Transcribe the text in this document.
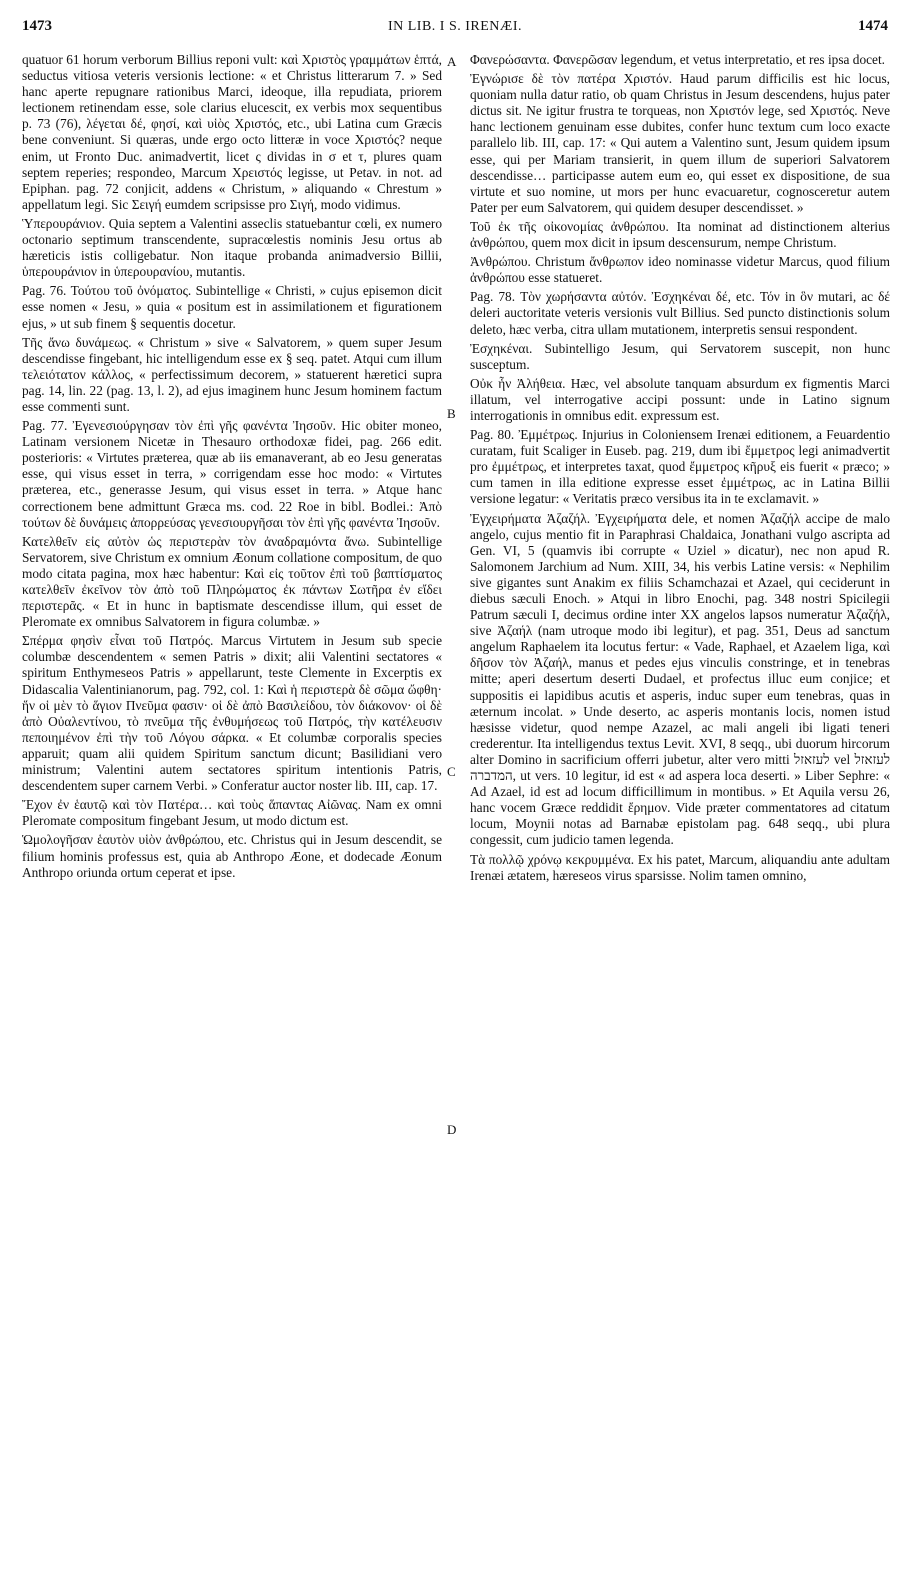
1473	IN LIB. I S. IRENÆI.	1474
A
B
C
D

quatuor 61 horum verborum Billius reponi vult: καὶ Χριστὸς γραμμάτων ἑπτά, seductus vitiosa veteris versionis lectione: « et Christus litterarum 7. » Sed hanc aperte repugnare rationibus Marci, ideoque, illa repudiata, priorem lectionem retinendam esse, sole clarius elucescit, ex verbis mox sequentibus p. 73 (76), λέγεται δέ, φησί, καὶ υἱὸς Χριστός, etc., ubi Latina cum Græcis bene conveniunt. Si quæras, unde ergo octo litteræ in voce Χριστός? neque enim, ut Fronto Duc. animadvertit, licet ς dividas in σ et τ, plures quam septem reperies; respondeo, Marcum Χρειστός legisse, ut Petav. in not. ad Epiphan. pag. 72 conjicit, addens « Christum, » aliquando « Chrestum » appellatum legi. Sic Σειγή eumdem scripsisse pro Σιγή, modo vidimus.

Ὑπερουράνιον. Quia septem a Valentini asseclis statuebantur cœli, ex numero octonario septimum transcendente, supracœlestis nominis Jesu ortus ab hæreticis istis colligebatur. Non itaque probanda animadversio Billii, ὑπερουράνιον in ὑπερουρανίου, mutantis.

Pag. 76. Τούτου τοῦ ὀνόματος. Subintellige « Christi, » cujus episemon dicit esse nomen « Jesu, » quia « positum est in assimilationem et figurationem ejus, » ut sub finem § sequentis docetur.

Τῆς ἄνω δυνάμεως. « Christum » sive « Salvatorem, » quem super Jesum descendisse fingebant, hic intelligendum esse ex § seq. patet. Atqui cum illum τελειότατον κάλλος, « perfectissimum decorem, » statuerent hæretici supra pag. 14, lin. 22 (pag. 13, l. 2), ad ejus imaginem hunc Jesum hominem factum esse commenti sunt.

Pag. 77. Ἐγενεσιούργησαν τὸν ἐπὶ γῆς φανέντα Ἰησοῦν. Hic obiter moneo, Latinam versionem Nicetæ in Thesauro orthodoxæ fidei, pag. 266 edit. posterioris: « Virtutes præterea, quæ ab iis emanaverant, ab eo Jesu generatas esse, qui visus esset in terra, » corrigendam esse hoc modo: « Virtutes præterea, etc., generasse Jesum, qui visus esset in terra. » Atque hanc correctionem bene admittunt Græca ms. cod. 22 Roe in bibl. Bodlei.: Ἀπὸ τούτων δὲ δυνάμεις ἀπορρεύσας γενεσιουργῆσαι τὸν ἐπὶ γῆς φανέντα Ἰησοῦν.

Κατελθεῖν εἰς αὐτὸν ὡς περιστερὰν τὸν ἀναδραμόντα ἄνω. Subintellige Servatorem, sive Christum ex omnium Æonum collatione compositum, de quo modo citata pagina, mox hæc habentur: Καὶ εἰς τοῦτον ἐπὶ τοῦ βαπτίσματος κατελθεῖν ἐκεῖνον τὸν ἀπὸ τοῦ Πληρώματος ἐκ πάντων Σωτῆρα ἐν εἴδει περιστερᾶς. « Et in hunc in baptismate descendisse illum, qui esset de Pleromate ex omnibus Salvatorem in figura columbæ. »

Σπέρμα φησὶν εἶναι τοῦ Πατρός. Marcus Virtutem in Jesum sub specie columbæ descendentem « semen Patris » dixit; alii Valentini sectatores « spiritum Enthymeseos Patris » appellarunt, teste Clemente in Excerptis ex Didascalia Valentinianorum, pag. 792, col. 1: Καὶ ἡ περιστερὰ δὲ σῶμα ὤφθη· ἥν οἱ μὲν τὸ ἅγιον Πνεῦμα φασιν· οἱ δὲ ἀπὸ Βασιλείδου, τὸν διάκονον· οἱ δὲ ἀπὸ Οὐαλεντίνου, τὸ πνεῦμα τῆς ἐνθυμήσεως τοῦ Πατρός, τὴν κατέλευσιν πεποιημένον ἐπὶ τὴν τοῦ Λόγου σάρκα. « Et columbæ corporalis species apparuit; quam alii quidem Spiritum sanctum dicunt; Basilidiani vero ministrum; Valentini autem sectatores spiritum intentionis Patris, descendentem super carnem Verbi. » Conferatur auctor noster lib. III, cap. 17.

Ἔχον ἐν ἑαυτῷ καὶ τὸν Πατέρα… καὶ τοὺς ἅπαντας Αἰῶνας. Nam ex omni Pleromate compositum fingebant Jesum, ut modo dictum est.

Ὡμολογῆσαν ἑαυτὸν υἱὸν ἀνθρώπου, etc. Christus qui in Jesum descendit, se filium hominis professus est, quia ab Anthropo Æone, et dodecade Æonum Anthropo oriunda ortum ceperat et ipse.

Φανερώσαντα. Φανερῶσαν legendum, et vetus interpretatio, et res ipsa docet.

Ἐγνώρισε δὲ τὸν πατέρα Χριστόν. Haud parum difficilis est hic locus, quoniam nulla datur ratio, ob quam Christus in Jesum descendens, hujus pater dictus sit. Ne igitur frustra te torqueas, non Χριστόν lege, sed Χριστός. Neve hanc lectionem genuinam esse dubites, confer hunc textum cum loco exacte parallelo lib. III, cap. 17: « Qui autem a Valentino sunt, Jesum quidem ipsum esse, qui per Mariam transierit, in quem illum de superiori Salvatorem descendisse… participasse autem eum eo, qui esset ex dispositione, de sua virtute et suo nomine, ut mors per hunc evacuaretur, cognosceretur autem Pater per eum Salvatorem, qui quidem desuper descendisset. »

Τοῦ ἐκ τῆς οἰκονομίας ἀνθρώπου. Ita nominat ad distinctionem alterius ἀνθρώπου, quem mox dicit in ipsum descensurum, nempe Christum.

Ἀνθρώπου. Christum ἄνθρωπον ideo nominasse videtur Marcus, quod filium ἀνθρώπου esse statueret.

Pag. 78. Τὸν χωρήσαντα αὐτόν. Ἐσχηκέναι δέ, etc. Τόν in ὃν mutari, ac δέ deleri auctoritate veteris versionis vult Billius. Sed puncto distinctionis solum deleto, hæc verba, citra ullam mutationem, interpretis sensui respondent.

Ἐσχηκέναι. Subintelligo Jesum, qui Servatorem suscepit, non hunc susceptum.

Οὐκ ἦν Ἀλήθεια. Hæc, vel absolute tanquam absurdum ex figmentis Marci illatum, vel interrogative accipi possunt: unde in Latino signum interrogationis in omnibus edit. expressum est.

Pag. 80. Ἐμμέτρως. Injurius in Coloniensem Irenæi editionem, a Feuardentio curatam, fuit Scaliger in Euseb. pag. 219, dum ibi ἔμμετρος legi animadvertit pro ἐμμέτρως, et interpretes taxat, quod ἔμμετρος κῆρυξ eis fuerit « præco; » cum tamen in illa editione expresse esset ἐμμέτρως, ac in Latina Billii versione legatur: « Veritatis præco versibus ita in te exclamavit. »

Ἐγχειρήματα Ἀζαζήλ. Ἐγχειρήματα dele, et nomen Ἀζαζήλ accipe de malo angelo, cujus mentio fit in Paraphrasi Chaldaica, Jonathani vulgo ascripta ad Gen. VI, 5 (quamvis ibi corrupte « Uziel » dicatur), nec non apud R. Salomonem Jarchium ad Num. XIII, 34, his verbis Latine versis: « Nephilim sive gigantes sunt Anakim ex filiis Schamchazai et Azael, qui ceciderunt in diebus sæculi Enoch. » Atqui in libro Enochi, pag. 348 nostri Spicilegii Patrum sæculi I, decimus ordine inter XX angelos lapsos numeratur Ἀζαζήλ, sive Ἀζαήλ (nam utroque modo ibi legitur), et pag. 351, Deus ad sanctum angelum Raphaelem ita locutus fertur: « Vade, Raphael, et Azaelem liga, καὶ δῆσον τὸν Ἀζαήλ, manus et pedes ejus vinculis constringe, et in tenebras mitte; aperi desertum deserti Dudael, et profectus illuc eum conjice; et suppositis ei lapidibus acutis et asperis, induc super eum tenebras, quas in æternum incolat. » Unde deserto, ac asperis montanis locis, nomen istud hæsisse videtur, quod nempe Azazel, ac mali angeli ibi ligati teneri crederentur. Ita intelligendus textus Levit. XVI, 8 seqq., ubi duorum hircorum alter Domino in sacrificium offerri jubetur, alter vero mitti לעזאזל vel לעזאזל המדברה, ut vers. 10 legitur, id est « ad aspera loca deserti. » Liber Sephre: « Ad Azael, id est ad locum difficillimum in montibus. » Et Aquila versu 26, hanc vocem Græce reddidit ἔρημον. Vide præter commentatores ad citatum locum, Moynii notas ad Barnabæ epistolam pag. 648 seqq., ubi plura congessit, cum judicio tamen legenda.

Τὰ πολλῷ χρόνῳ κεκρυμμένα. Ex his patet, Marcum, aliquandiu ante adultam Irenæi ætatem, hæreseos virus sparsisse. Nolim tamen omnino,
